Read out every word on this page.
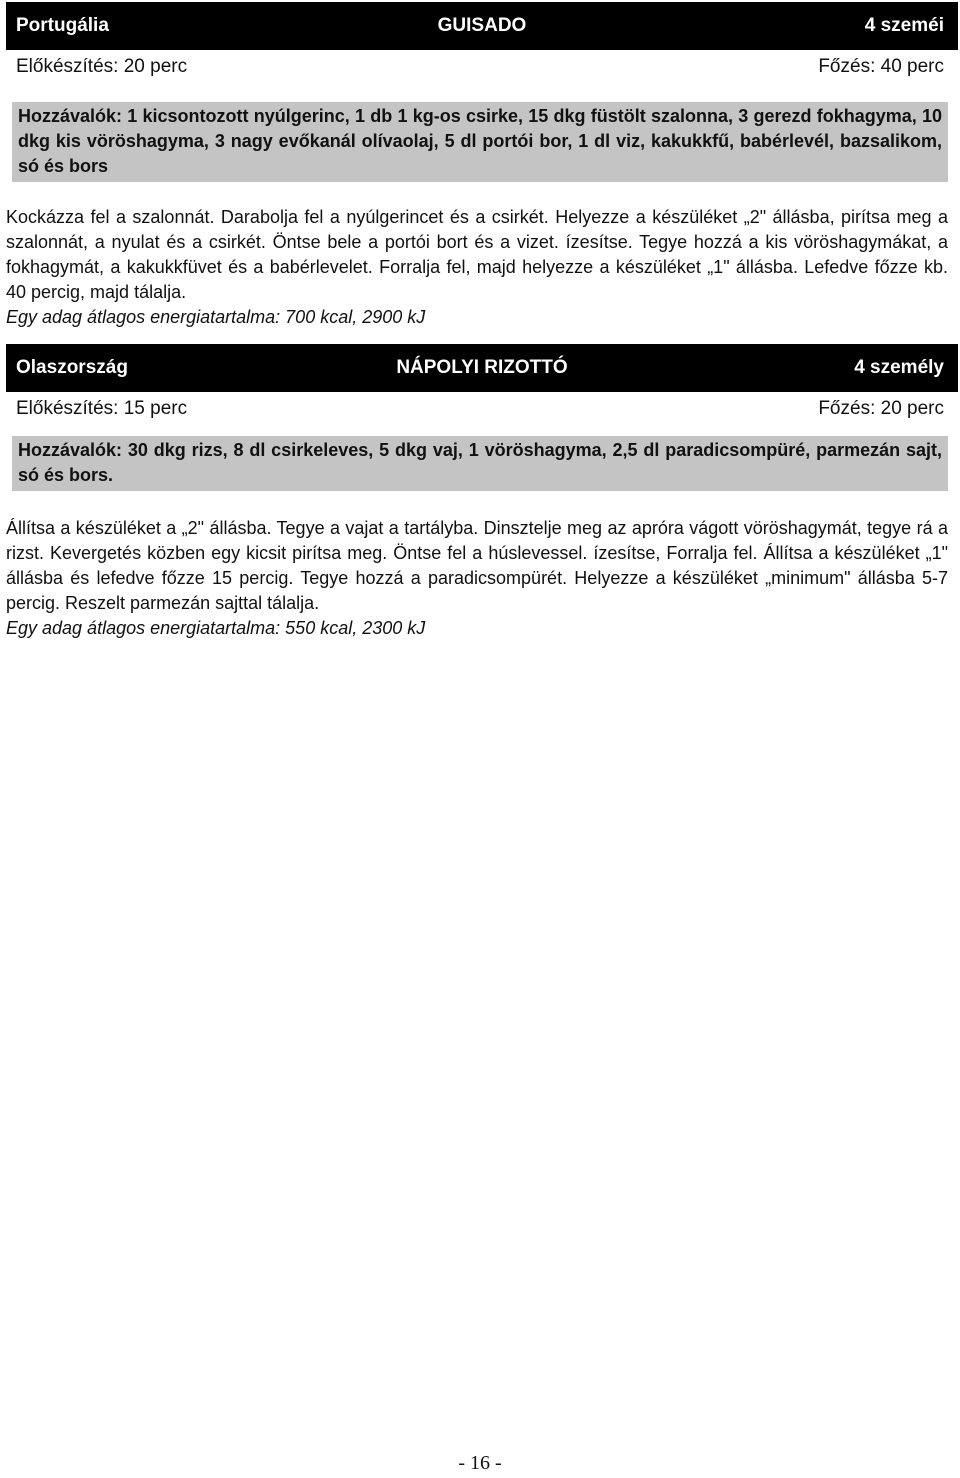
Portugália	GUISADO	4 szeméi
Előkészítés: 20 perc	Főzés: 40 perc
Hozzávalók: 1 kicsontozott nyúlgerinc, 1 db 1 kg-os csirke, 15 dkg füstölt szalonna, 3 gerezd fokhagyma, 10 dkg kis vöröshagyma, 3 nagy evőkanál olívaolaj, 5 dl portói bor, 1 dl viz, kakukkfű, babérlevél, bazsalikom, só és bors

Kockázza fel a szalonnát. Darabolja fel a nyúlgerincet és a csirkét. Helyezze a készüléket „2" állásba, pirítsa meg a szalonnát, a nyulat és a csirkét. Öntse bele a portói bort és a vizet. ízesítse. Tegye hozzá a kis vöröshagymákat, a fokhagymát, a kakukkfüvet és a babérlevelet. Forralja fel, majd helyezze a készüléket „1" állásba. Lefedve főzze kb. 40 percig, majd tálalja.

Egy adag átlagos energiatartalma: 700 kcal, 2900 kJ
Olaszország	NÁPOLYI RIZOTTÓ	4 személy
Előkészítés: 15 perc	Főzés: 20 perc
Hozzávalók: 30 dkg rizs, 8 dl csirkeleves, 5 dkg vaj, 1 vöröshagyma, 2,5 dl paradicsompüré, parmezán sajt, só és bors.

Állítsa a készüléket a „2" állásba. Tegye a vajat a tartályba. Dinsztelje meg az apróra vágott vöröshagymát, tegye rá a rizst. Kevergetés közben egy kicsit pirítsa meg. Öntse fel a húslevessel. ízesítse, Forralja fel. Állítsa a készüléket „1" állásba és lefedve főzze 15 percig. Tegye hozzá a paradicsompürét. Helyezze a készüléket „minimum" állásba 5-7 percig. Reszelt parmezán sajttal tálalja.

Egy adag átlagos energiatartalma: 550 kcal, 2300 kJ
- 16 -
